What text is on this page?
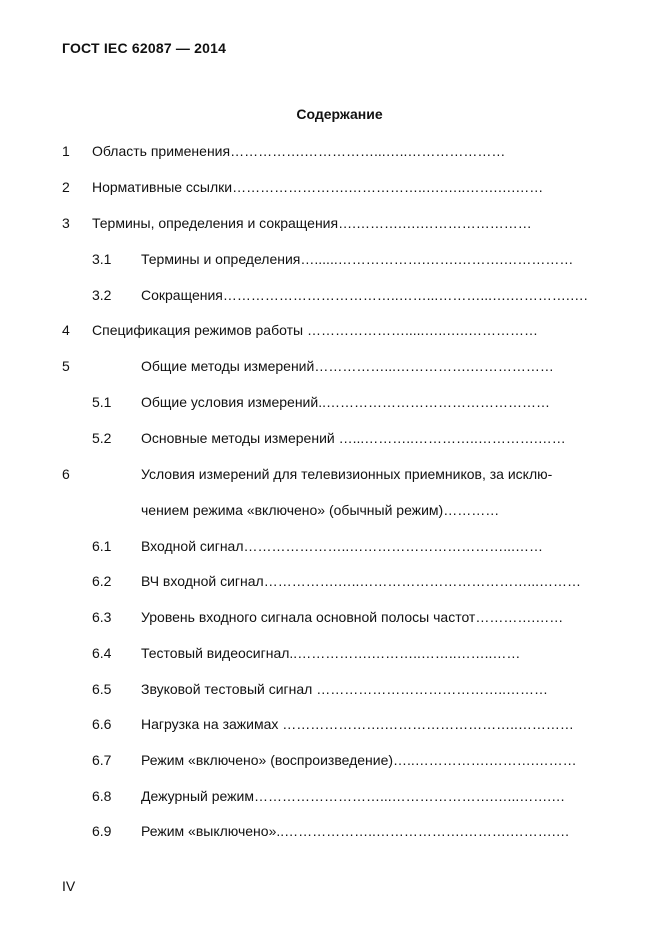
ГОСТ IEC 62087 — 2014
Содержание
1 Область применения…………….……………...…..…………………
2 Нормативные ссылки…………………….……………..….…..…….….……
3 Термины, определения и сокращения….……….….……………………
3.1 Термины и определения…......……………….…….……….……………
3.2 Сокращения………………………………..……...………...….………….….
4 Спецификация режимов работы ………………….....…..…..……………
5	Общие методы измерений……………...…………….………………
5.1 Общие условия измерений..…………………………………………
5.2 Основные методы измерений …...………..…………..………….……
6	Условия измерений для телевизионных приемников, за исклю-
чением режима «включено» (обычный режим)…………
6.1 Входной сигнал…………………..……………………………...……
6.2 ВЧ входной сигнал…………….…..………………………………...………
6.3 Уровень входного сигнала основной полосы частот………….……
6.4 Тестовый видеосигнал..…………….………..……..……..……
6.5 Звуковой тестовый сигнал …………………………………..………
6.6 Нагрузка на зажимах ………………….………………………..…………
6.7 Режим «включено» (воспроизведение)…..…………….……….………
6.8 Дежурный режим………………………...………………….…...…….…
6.9 Режим «выключено»..………………..……………….……….……….…
IV
